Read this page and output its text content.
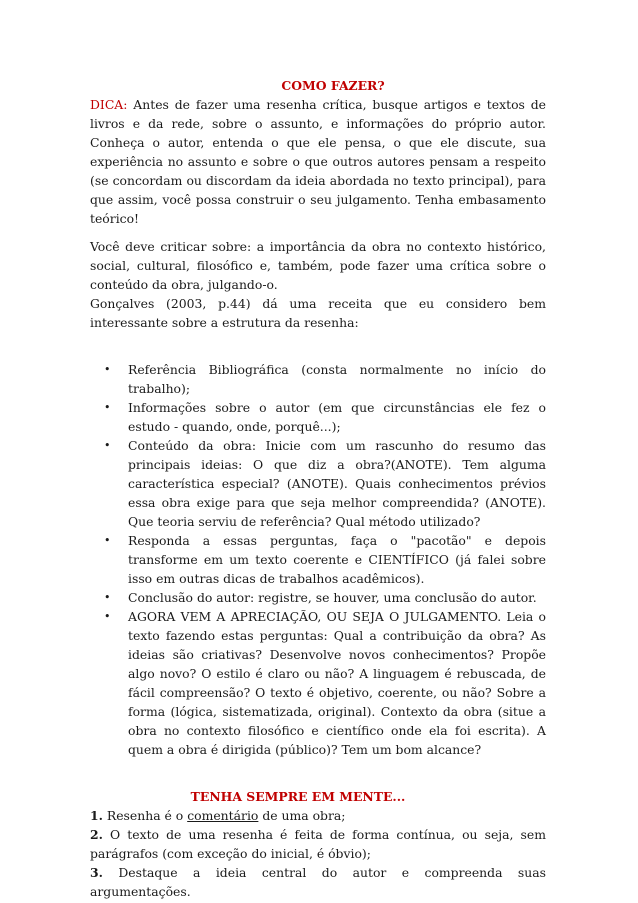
COMO FAZER?

DICA: Antes de fazer uma resenha crítica, busque artigos e textos de livros e da rede, sobre o assunto, e informações do próprio autor. Conheça o autor, entenda o que ele pensa, o que ele discute, sua experiência no assunto e sobre o que outros autores pensam a respeito (se concordam ou discordam da ideia abordada no texto principal), para que assim, você possa construir o seu julgamento. Tenha embasamento teórico!

Você deve criticar sobre: a importância da obra no contexto histórico, social, cultural, filosófico e, também, pode fazer uma crítica sobre o conteúdo da obra, julgando-o.

Gonçalves (2003, p.44) dá uma receita que eu considero bem interessante sobre a estrutura da resenha:

• Referência Bibliográfica (consta normalmente no início do trabalho);
• Informações sobre o autor (em que circunstâncias ele fez o estudo - quando, onde, porquê...);
• Conteúdo da obra: Inicie com um rascunho do resumo das principais ideias: O que diz a obra?(ANOTE). Tem alguma característica especial? (ANOTE). Quais conhecimentos prévios essa obra exige para que seja melhor compreendida? (ANOTE). Que teoria serviu de referência? Qual método utilizado?
• Responda a essas perguntas, faça o "pacotão" e depois transforme em um texto coerente e CIENTÍFICO (já falei sobre isso em outras dicas de trabalhos acadêmicos).
• Conclusão do autor: registre, se houver, uma conclusão do autor.
• AGORA VEM A APRECIAÇÃO, OU SEJA O JULGAMENTO. Leia o texto fazendo estas perguntas: Qual a contribuição da obra? As ideias são criativas? Desenvolve novos conhecimentos? Propõe algo novo? O estilo é claro ou não? A linguagem é rebuscada, de fácil compreensão? O texto é objetivo, coerente, ou não? Sobre a forma (lógica, sistematizada, original). Contexto da obra (situe a obra no contexto filosófico e científico onde ela foi escrita). A quem a obra é dirigida (público)? Tem um bom alcance?

TENHA SEMPRE EM MENTE...

1. Resenha é o comentário de uma obra;

2. O texto de uma resenha é feita de forma contínua, ou seja, sem parágrafos (com exceção do inicial, é óbvio);

3. Destaque a ideia central do autor e compreenda suas argumentações.
